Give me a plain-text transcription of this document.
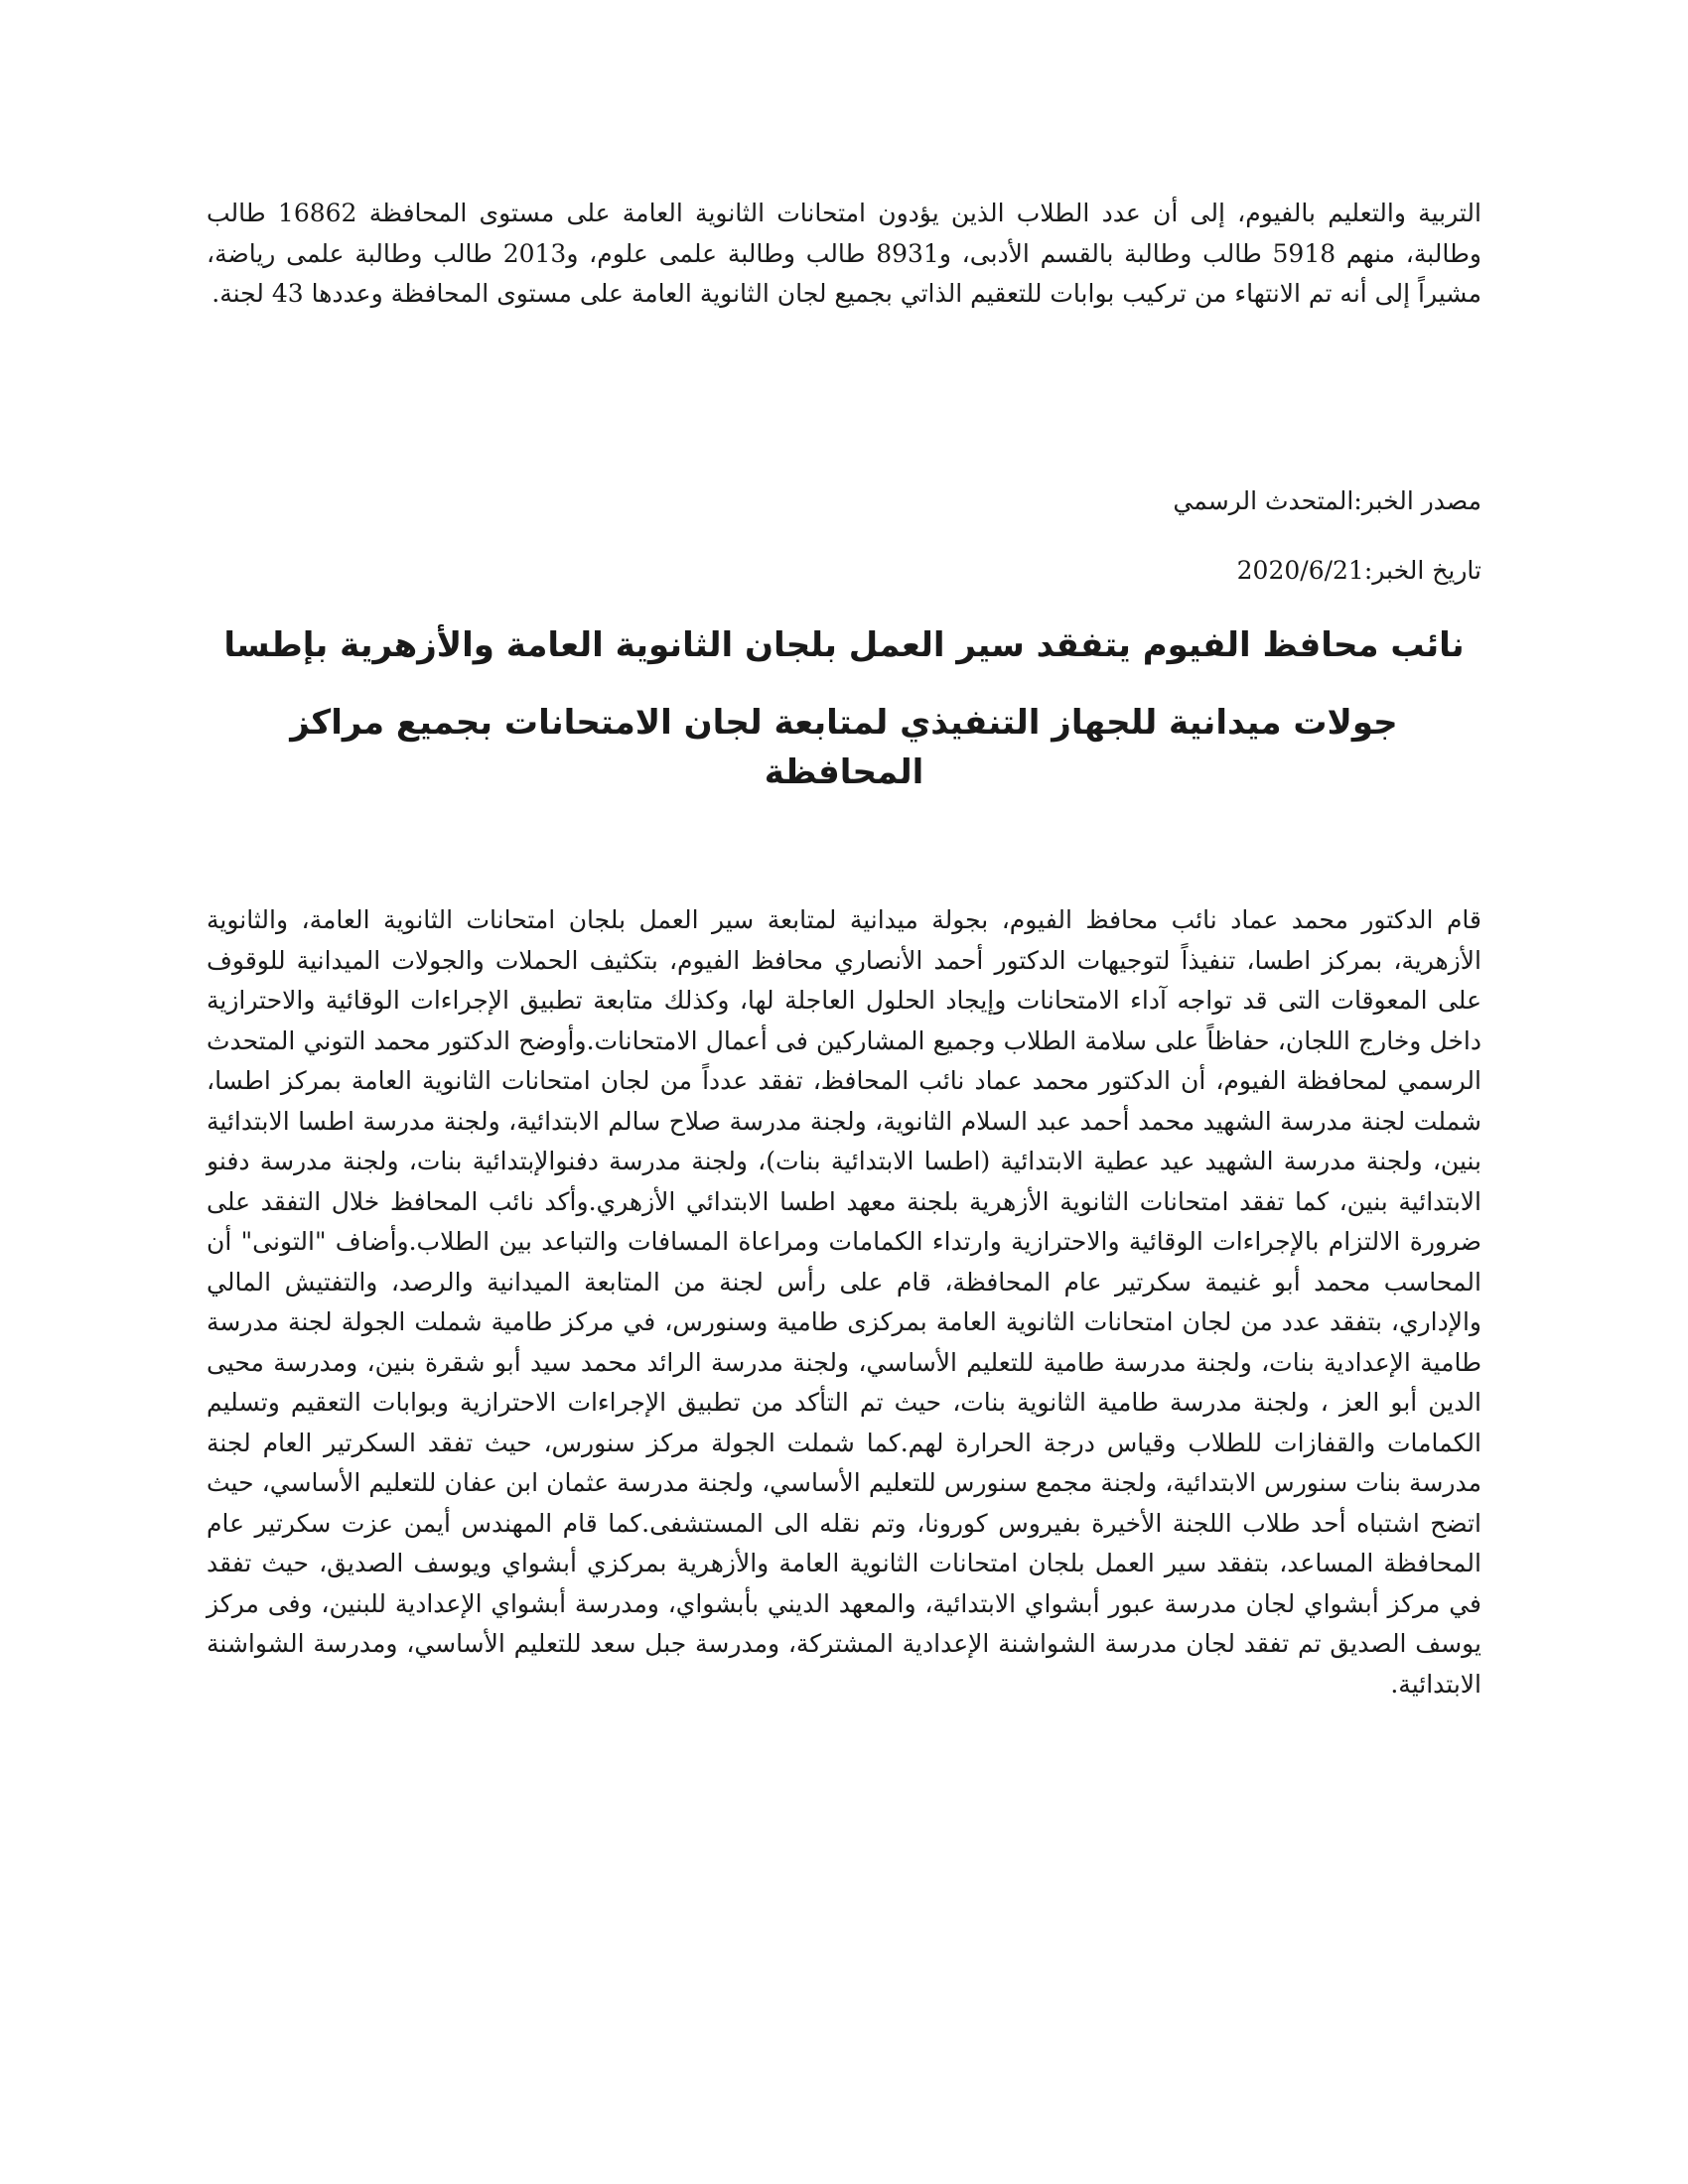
التربية والتعليم بالفيوم، إلى أن عدد الطلاب الذين يؤدون امتحانات الثانوية العامة على مستوى المحافظة 16862 طالب وطالبة، منهم 5918 طالب وطالبة بالقسم الأدبى، و8931 طالب وطالبة علمى علوم، و2013 طالب وطالبة علمى رياضة، مشيراً إلى أنه تم الانتهاء من تركيب بوابات للتعقيم الذاتي بجميع لجان الثانوية العامة على مستوى المحافظة وعددها 43 لجنة.

مصدر الخبر:المتحدث الرسمي

تاريخ الخبر:2020/6/21

نائب محافظ الفيوم يتفقد سير العمل بلجان الثانوية العامة والأزهرية بإطسا
جولات ميدانية للجهاز التنفيذي لمتابعة لجان الامتحانات بجميع مراكز المحافظة

قام الدكتور محمد عماد نائب محافظ الفيوم، بجولة ميدانية لمتابعة سير العمل بلجان امتحانات الثانوية العامة، والثانوية الأزهرية، بمركز اطسا، تنفيذاً لتوجيهات الدكتور أحمد الأنصاري محافظ الفيوم، بتكثيف الحملات والجولات الميدانية للوقوف على المعوقات التى قد تواجه آداء الامتحانات وإيجاد الحلول العاجلة لها، وكذلك متابعة تطبيق الإجراءات الوقائية والاحترازية داخل وخارج اللجان، حفاظاً على سلامة الطلاب وجميع المشاركين فى أعمال الامتحانات.وأوضح الدكتور محمد التوني المتحدث الرسمي لمحافظة الفيوم، أن الدكتور محمد عماد نائب المحافظ، تفقد عدداً من لجان امتحانات الثانوية العامة بمركز اطسا، شملت لجنة مدرسة الشهيد محمد أحمد عبد السلام الثانوية، ولجنة مدرسة صلاح سالم الابتدائية، ولجنة مدرسة اطسا الابتدائية بنين، ولجنة مدرسة الشهيد عيد عطية الابتدائية (اطسا الابتدائية بنات)، ولجنة مدرسة دفنوالإبتدائية بنات، ولجنة مدرسة دفنو الابتدائية بنين، كما تفقد امتحانات الثانوية الأزهرية بلجنة معهد اطسا الابتدائي الأزهري.وأكد نائب المحافظ خلال التفقد على ضرورة الالتزام بالإجراءات الوقائية والاحترازية وارتداء الكمامات ومراعاة المسافات والتباعد بين الطلاب.وأضاف "التونى" أن المحاسب محمد أبو غنيمة سكرتير عام المحافظة، قام على رأس لجنة من المتابعة الميدانية والرصد، والتفتيش المالي والإداري، بتفقد عدد من لجان امتحانات الثانوية العامة بمركزى طامية وسنورس، في مركز طامية شملت الجولة لجنة مدرسة طامية الإعدادية بنات، ولجنة مدرسة طامية للتعليم الأساسي، ولجنة مدرسة الرائد محمد سيد أبو شقرة بنين، ومدرسة محيى الدين أبو العز ، ولجنة مدرسة طامية الثانوية بنات، حيث تم التأكد من تطبيق الإجراءات الاحترازية وبوابات التعقيم وتسليم الكمامات والقفازات للطلاب وقياس درجة الحرارة لهم.كما شملت الجولة مركز سنورس، حيث تفقد السكرتير العام لجنة مدرسة بنات سنورس الابتدائية، ولجنة مجمع سنورس للتعليم الأساسي، ولجنة مدرسة عثمان ابن عفان للتعليم الأساسي، حيث اتضح اشتباه أحد طلاب اللجنة الأخيرة بفيروس كورونا، وتم نقله الى المستشفى.كما قام المهندس أيمن عزت سكرتير عام المحافظة المساعد، بتفقد سير العمل بلجان امتحانات الثانوية العامة والأزهرية بمركزي أبشواي ويوسف الصديق، حيث تفقد في مركز أبشواي لجان مدرسة عبور أبشواي الابتدائية، والمعهد الديني بأبشواي، ومدرسة أبشواي الإعدادية للبنين، وفى مركز يوسف الصديق تم تفقد لجان مدرسة الشواشنة الإعدادية المشتركة، ومدرسة جبل سعد للتعليم الأساسي، ومدرسة الشواشنة الابتدائية.
